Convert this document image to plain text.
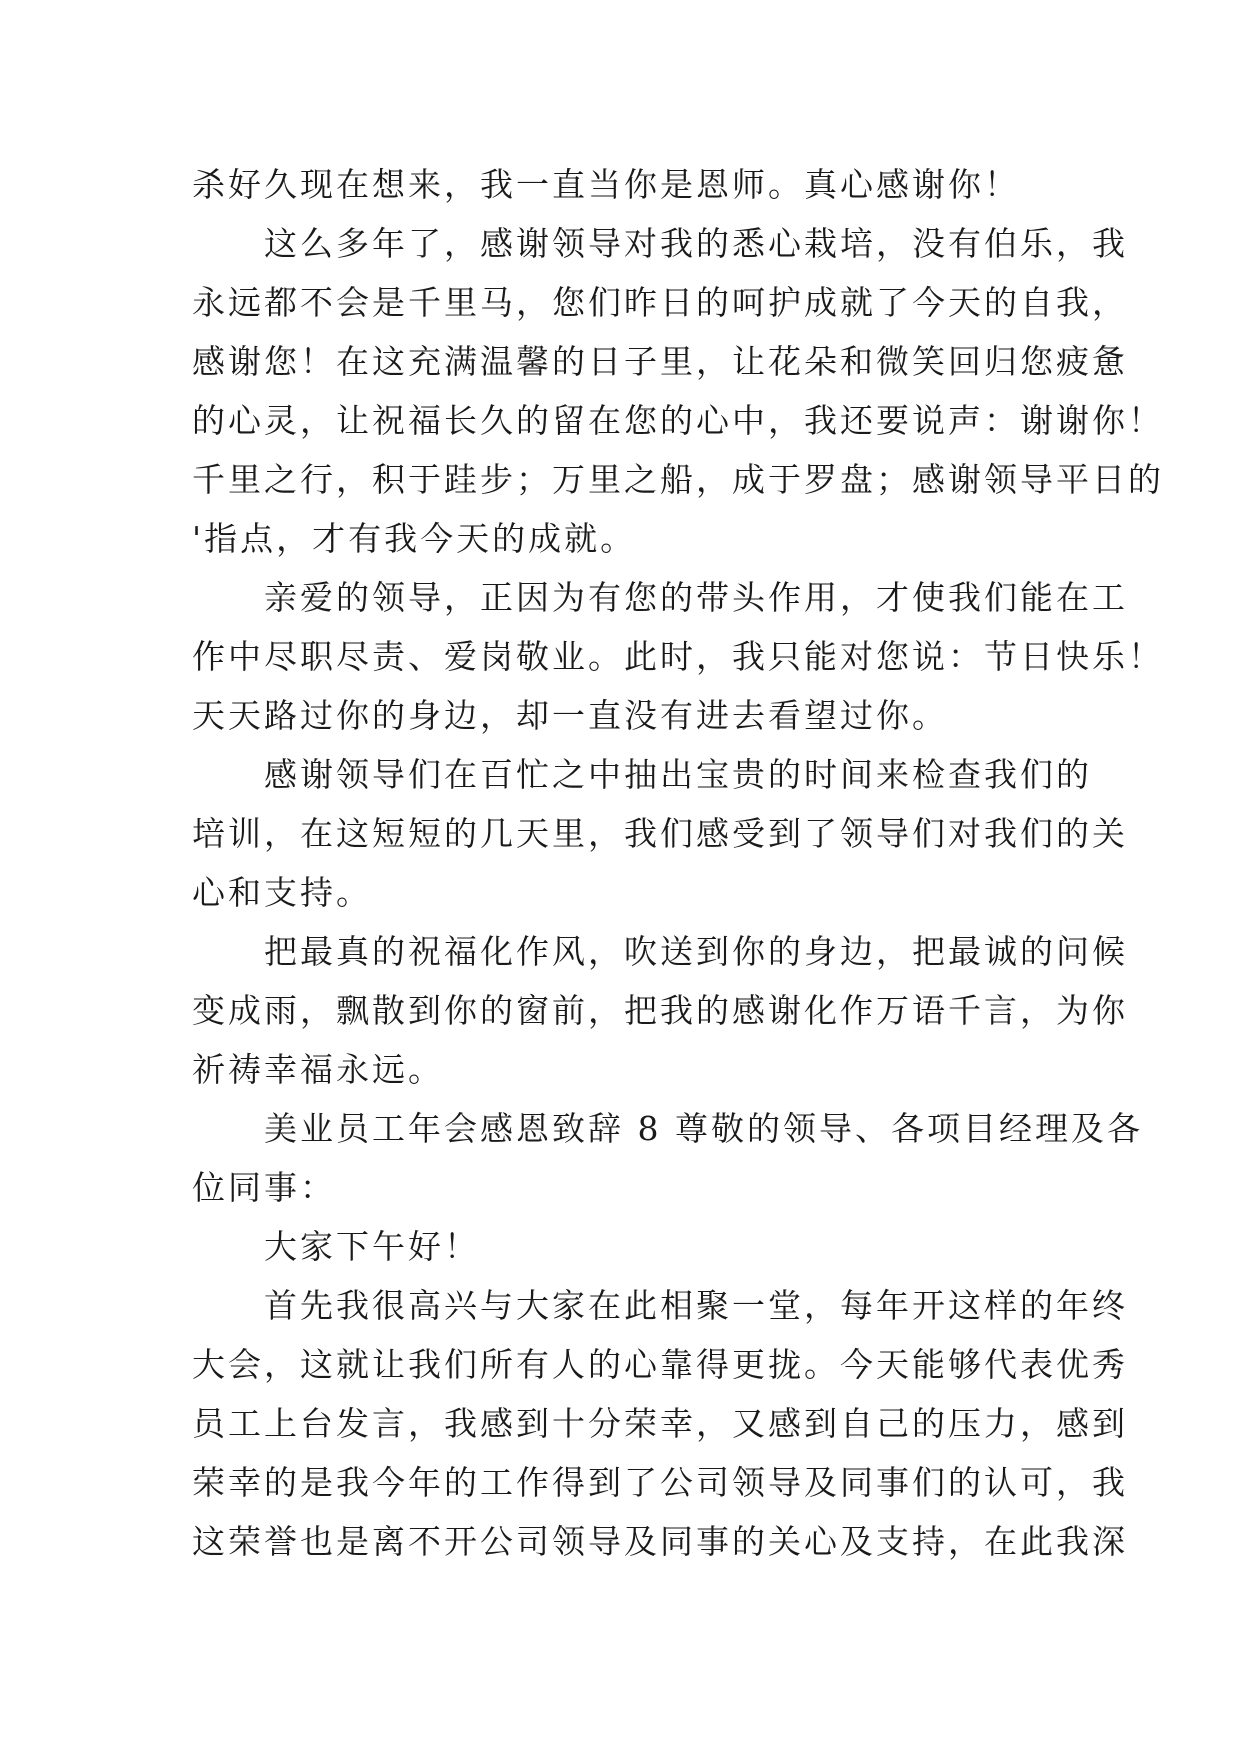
杀好久现在想来，我一直当你是恩师。真心感谢你！
　　这么多年了，感谢领导对我的悉心栽培，没有伯乐，我
永远都不会是千里马，您们昨日的呵护成就了今天的自我，
感谢您！在这充满温馨的日子里，让花朵和微笑回归您疲惫
的心灵，让祝福长久的留在您的心中，我还要说声：谢谢你！
千里之行，积于跬步；万里之船，成于罗盘；感谢领导平日的
'指点，才有我今天的成就。
　　亲爱的领导，正因为有您的带头作用，才使我们能在工
作中尽职尽责、爱岗敬业。此时，我只能对您说：节日快乐！
天天路过你的身边，却一直没有进去看望过你。
　　感谢领导们在百忙之中抽出宝贵的时间来检查我们的
培训，在这短短的几天里，我们感受到了领导们对我们的关
心和支持。
　　把最真的祝福化作风，吹送到你的身边，把最诚的问候
变成雨，飘散到你的窗前，把我的感谢化作万语千言，为你
祈祷幸福永远。
　　美业员工年会感恩致辞 8 尊敬的领导、各项目经理及各
位同事：
　　大家下午好！
　　首先我很高兴与大家在此相聚一堂，每年开这样的年终
大会，这就让我们所有人的心靠得更拢。今天能够代表优秀
员工上台发言，我感到十分荣幸，又感到自己的压力，感到
荣幸的是我今年的工作得到了公司领导及同事们的认可，我
这荣誉也是离不开公司领导及同事的关心及支持，在此我深
